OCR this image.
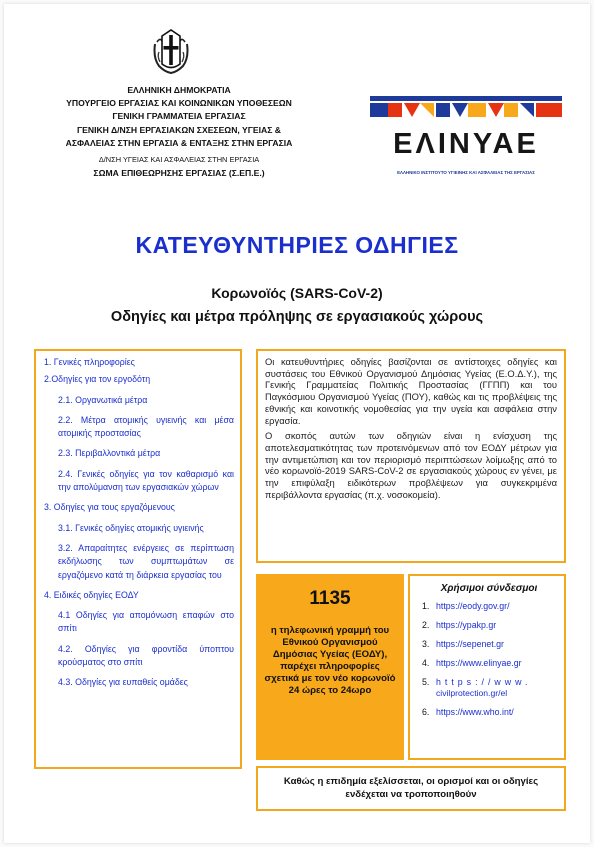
ΕΛΛΗΝΙΚΗ ΔΗΜΟΚΡΑΤΙΑ
ΥΠΟΥΡΓΕΙΟ ΕΡΓΑΣΙΑΣ ΚΑΙ ΚΟΙΝΩΝΙΚΩΝ ΥΠΟΘΕΣΕΩΝ
ΓΕΝΙΚΗ ΓΡΑΜΜΑΤΕΙΑ ΕΡΓΑΣΙΑΣ
ΓΕΝΙΚΗ Δ/ΝΣΗ ΕΡΓΑΣΙΑΚΩΝ ΣΧΕΣΕΩΝ, ΥΓΕΙΑΣ &
ΑΣΦΑΛΕΙΑΣ ΣΤΗΝ ΕΡΓΑΣΙΑ & ΕΝΤΑΞΗΣ ΣΤΗΝ ΕΡΓΑΣΙΑ
Δ/ΝΣΗ ΥΓΕΙΑΣ ΚΑΙ ΑΣΦΑΛΕΙΑΣ ΣΤΗΝ ΕΡΓΑΣΙΑ
ΣΩΜΑ ΕΠΙΘΕΩΡΗΣΗΣ ΕΡΓΑΣΙΑΣ (Σ.ΕΠ.Ε.)
ΕΛΙΝΥΑΕ
ΕΛΛΗΝΙΚΟ ΙΝΣΤΙΤΟΥΤΟ ΥΓΙΕΙΝΗΣ ΚΑΙ ΑΣΦΑΛΕΙΑΣ ΤΗΣ ΕΡΓΑΣΙΑΣ
ΚΑΤΕΥΘΥΝΤΗΡΙΕΣ ΟΔΗΓΙΕΣ
Κορωνοϊός (SARS-CoV-2)
Οδηγίες και μέτρα πρόληψης σε εργασιακούς χώρους
1. Γενικές πληροφορίες
2.Οδηγίες για τον εργοδότη
2.1. Οργανωτικά μέτρα
2.2. Μέτρα ατομικής υγιεινής και μέσα ατομικής προστασίας
2.3. Περιβαλλοντικά μέτρα
2.4. Γενικές οδηγίες για τον καθαρισμό και την απολύμανση των εργασιακών χώρων
3. Οδηγίες για τους εργαζόμενους
3.1. Γενικές οδηγίες ατομικής υγιεινής
3.2. Απαραίτητες ενέργειες σε περίπτωση εκδήλωσης των συμπτωμάτων σε εργαζόμενο κατά τη διάρκεια εργασίας του
4. Ειδικές οδηγίες ΕΟΔΥ
4.1 Οδηγίες για απομόνωση επαφών στο σπίτι
4.2. Οδηγίες για φροντίδα ύποπτου κρούσματος στο σπίτι
4.3. Οδηγίες για ευπαθείς ομάδες

Οι κατευθυντήριες οδηγίες βασίζονται σε αντίστοιχες οδηγίες και συστάσεις του Εθνικού Οργανισμού Δημόσιας Υγείας (Ε.Ο.Δ.Υ.), της Γενικής Γραμματείας Πολιτικής Προστασίας (ΓΓΠΠ) και του Παγκόσμιου Οργανισμού Υγείας (ΠΟΥ), καθώς και τις προβλέψεις της εθνικής και κοινοτικής νομοθεσίας για την υγεία και ασφάλεια στην εργασία.

Ο σκοπός αυτών των οδηγιών είναι η ενίσχυση της αποτελεσματικότητας των προτεινόμενων από τον ΕΟΔΥ μέτρων για την αντιμετώπιση και τον περιορισμό περιπτώσεων λοίμωξης από το νέο κορωνοϊό-2019 SARS-CoV-2 σε εργασιακούς χώρους εν γένει, με την επιφύλαξη ειδικότερων προβλέψεων για συγκεκριμένα περιβάλλοντα εργασίας (π.χ. νοσοκομεία).

1135
η τηλεφωνική γραμμή του Εθνικού Οργανισμού Δημόσιας Υγείας (ΕΟΔΥ), παρέχει πληροφορίες σχετικά με τον νέο κορωνοϊό 24 ώρες το 24ωρο
Χρήσιμοι σύνδεσμοι
1. https://eody.gov.gr/
2. https://ypakp.gr
3. https://sepenet.gr
4. https://www.elinyae.gr
5. https://www.
civilprotection.gr/el
6. https://www.who.int/
Καθώς η επιδημία εξελίσσεται, οι ορισμοί και οι οδηγίες ενδέχεται να τροποποιηθούν
